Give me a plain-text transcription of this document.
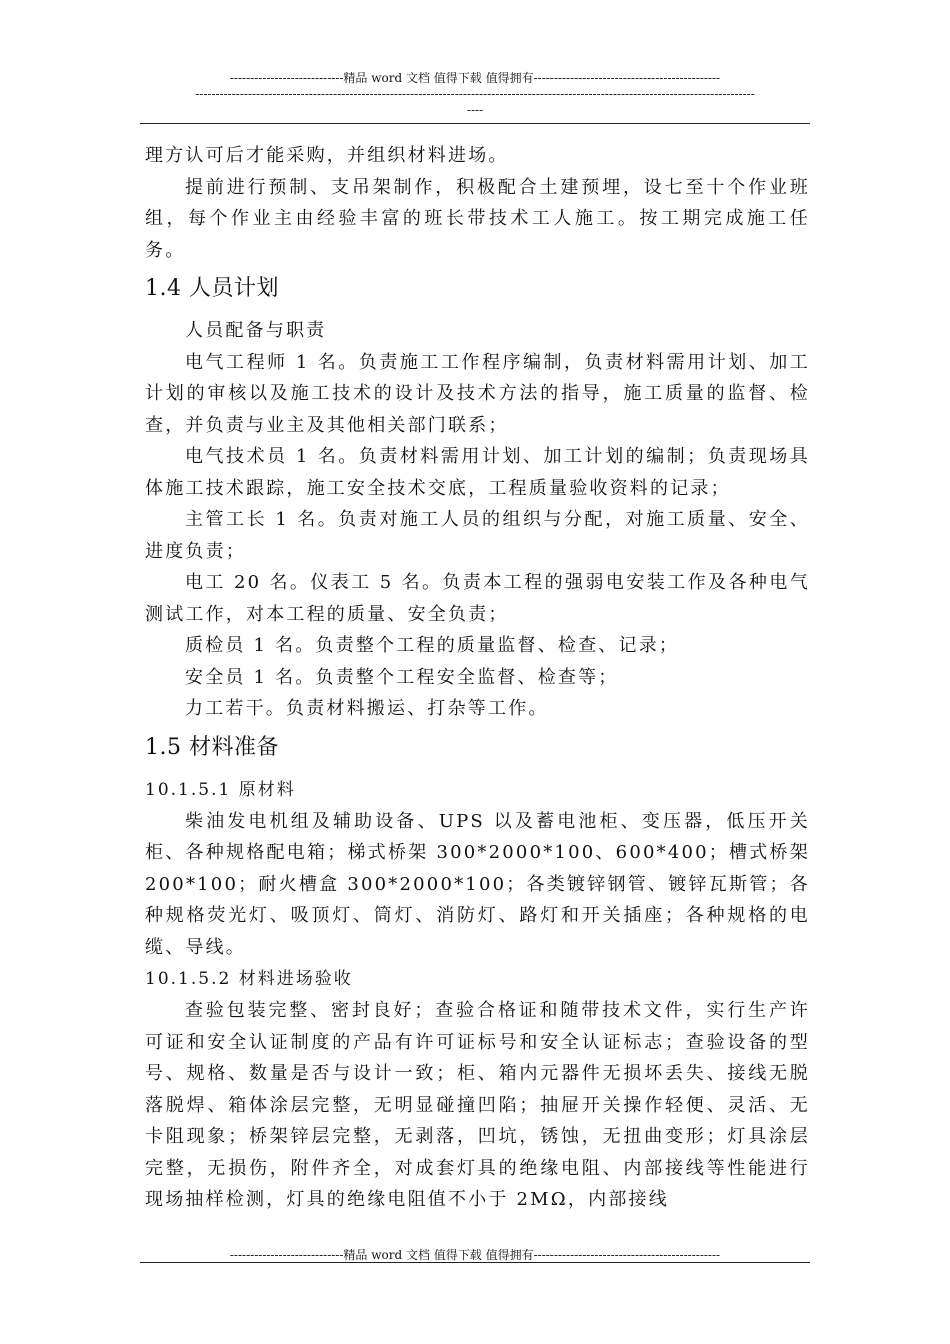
----------------------------精品 word 文档 值得下载 值得拥有----------------------------------------------
------------------------------------------------------------------------------------------------------------------------------------------
----

理方认可后才能采购，并组织材料进场。

提前进行预制、支吊架制作，积极配合土建预埋，设七至十个作业班组，每个作业主由经验丰富的班长带技术工人施工。按工期完成施工任务。

1.4 人员计划

人员配备与职责

电气工程师 1 名。负责施工工作程序编制，负责材料需用计划、加工计划的审核以及施工技术的设计及技术方法的指导，施工质量的监督、检查，并负责与业主及其他相关部门联系；

电气技术员 1 名。负责材料需用计划、加工计划的编制；负责现场具体施工技术跟踪，施工安全技术交底，工程质量验收资料的记录；

主管工长 1 名。负责对施工人员的组织与分配，对施工质量、安全、进度负责；

电工 20 名。仪表工 5 名。负责本工程的强弱电安装工作及各种电气测试工作，对本工程的质量、安全负责；

质检员 1 名。负责整个工程的质量监督、检查、记录；

安全员 1 名。负责整个工程安全监督、检查等；

力工若干。负责材料搬运、打杂等工作。

1.5 材料准备
10.1.5.1 原材料

柴油发电机组及辅助设备、UPS 以及蓄电池柜、变压器，低压开关柜、各种规格配电箱；梯式桥架 300*2000*100、600*400；槽式桥架 200*100；耐火槽盒 300*2000*100；各类镀锌钢管、镀锌瓦斯管；各种规格荧光灯、吸顶灯、筒灯、消防灯、路灯和开关插座；各种规格的电缆、导线。

10.1.5.2 材料进场验收

查验包装完整、密封良好；查验合格证和随带技术文件，实行生产许可证和安全认证制度的产品有许可证标号和安全认证标志；查验设备的型号、规格、数量是否与设计一致；柜、箱内元器件无损坏丢失、接线无脱落脱焊、箱体涂层完整，无明显碰撞凹陷；抽屉开关操作轻便、灵活、无卡阻现象；桥架锌层完整，无剥落，凹坑，锈蚀，无扭曲变形；灯具涂层完整，无损伤，附件齐全，对成套灯具的绝缘电阻、内部接线等性能进行现场抽样检测，灯具的绝缘电阻值不小于 2MΩ，内部接线

----------------------------精品 word 文档 值得下载 值得拥有----------------------------------------------
